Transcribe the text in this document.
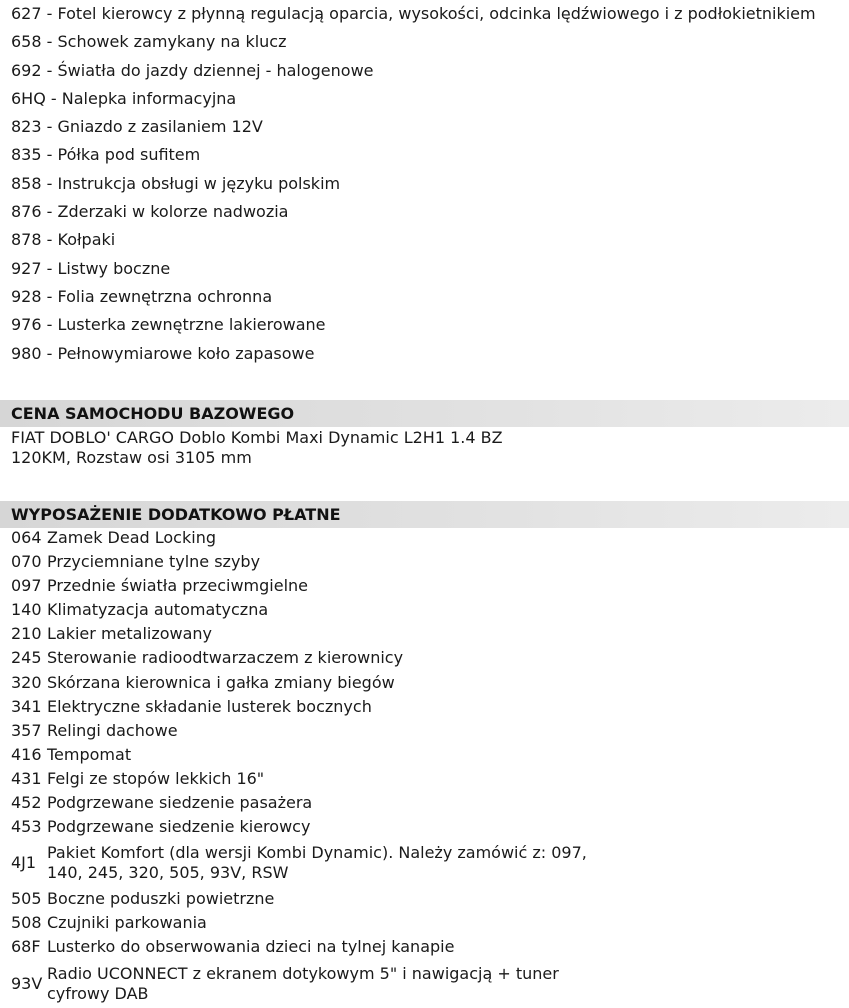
627 - Fotel kierowcy z płynną regulacją oparcia, wysokości, odcinka lędźwiowego i z podłokietnikiem
658 - Schowek zamykany na klucz
692 - Światła do jazdy dziennej - halogenowe
6HQ - Nalepka informacyjna
823 - Gniazdo z zasilaniem 12V
835 - Półka pod sufitem
858 - Instrukcja obsługi w języku polskim
876 - Zderzaki w kolorze nadwozia
878 - Kołpaki
927 - Listwy boczne
928 - Folia zewnętrzna ochronna
976 - Lusterka zewnętrzne lakierowane
980 - Pełnowymiarowe koło zapasowe
CENA SAMOCHODU BAZOWEGO
FIAT DOBLO' CARGO Doblo Kombi Maxi Dynamic L2H1 1.4 BZ 120KM, Rozstaw osi 3105 mm
WYPOSAŻENIE DODATKOWO PŁATNE
064 Zamek Dead Locking
070 Przyciemniane tylne szyby
097 Przednie światła przeciwmgielne
140 Klimatyzacja automatyczna
210 Lakier metalizowany
245 Sterowanie radioodtwarzaczem z kierownicy
320 Skórzana kierownica i gałka zmiany biegów
341 Elektryczne składanie lusterek bocznych
357 Relingi dachowe
416 Tempomat
431 Felgi ze stopów lekkich 16"
452 Podgrzewane siedzenie pasażera
453 Podgrzewane siedzenie kierowcy
4J1
Pakiet Komfort (dla wersji Kombi Dynamic). Należy zamówić z: 097, 140, 245, 320, 505, 93V, RSW
505 Boczne poduszki powietrzne
508 Czujniki parkowania
68F Lusterko do obserwowania dzieci na tylnej kanapie
93V
Radio UCONNECT z ekranem dotykowym 5" i nawigacją + tuner cyfrowy DAB
